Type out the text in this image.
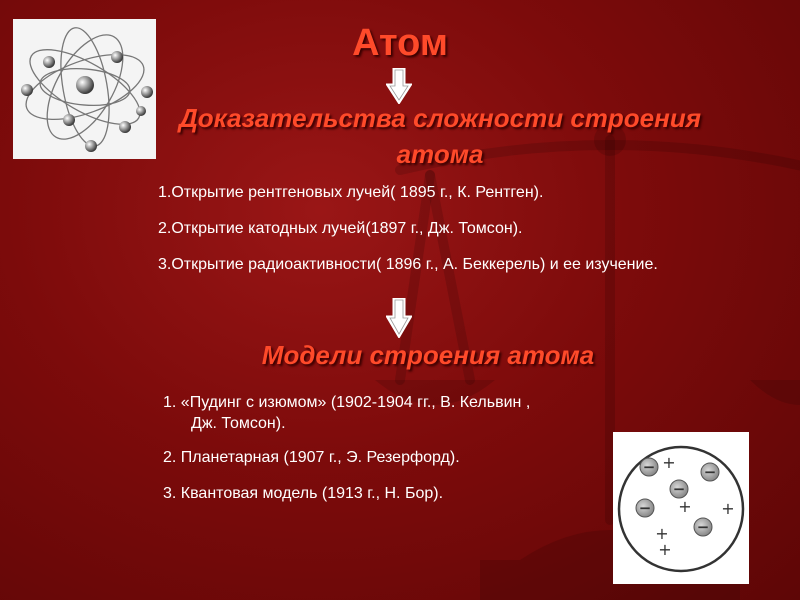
Атом
Доказательства сложности строения атома
1.Открытие рентгеновых лучей( 1895 г., К. Рентген).
2.Открытие катодных лучей(1897 г., Дж. Томсон).
3.Открытие радиоактивности( 1896 г., А. Беккерель) и ее изучение.
Модели строения атома
1. «Пудинг с изюмом» (1902-1904 гг., В. Кельвин ,
Дж. Томсон).
2. Планетарная (1907 г., Э. Резерфорд).
3. Квантовая модель (1913 г., Н. Бор).
−	−
−
−
−
+
+ +
+
+
